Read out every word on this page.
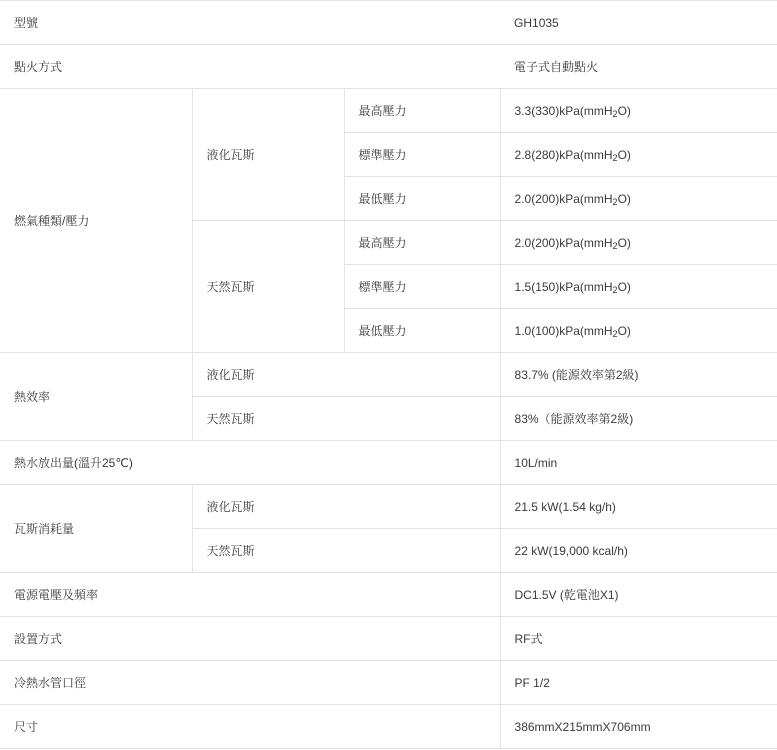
型號			GH1035
點火方式			電子式自動點火
燃氣種類/壓力	液化瓦斯	最高壓力	3.3(330)kPa(mmH$_2$O)
		標準壓力	2.8(280)kPa(mmH$_2$O)
		最低壓力	2.0(200)kPa(mmH$_2$O)
	天然瓦斯	最高壓力	2.0(200)kPa(mmH$_2$O)
		標準壓力	1.5(150)kPa(mmH$_2$O)
		最低壓力	1.0(100)kPa(mmH$_2$O)
熱效率	液化瓦斯		83.7% (能源效率第2級)
	天然瓦斯		83%（能源效率第2級)
熱水放出量(溫升25℃)			10L/min
瓦斯消耗量	液化瓦斯		21.5 kW(1.54 kg/h)
	天然瓦斯		22 kW(19,000 kcal/h)
電源電壓及頻率			DC1.5V (乾電池X1)
設置方式			RF式
冷熱水管口徑			PF 1/2
尺寸			386mmX215mmX706mm
